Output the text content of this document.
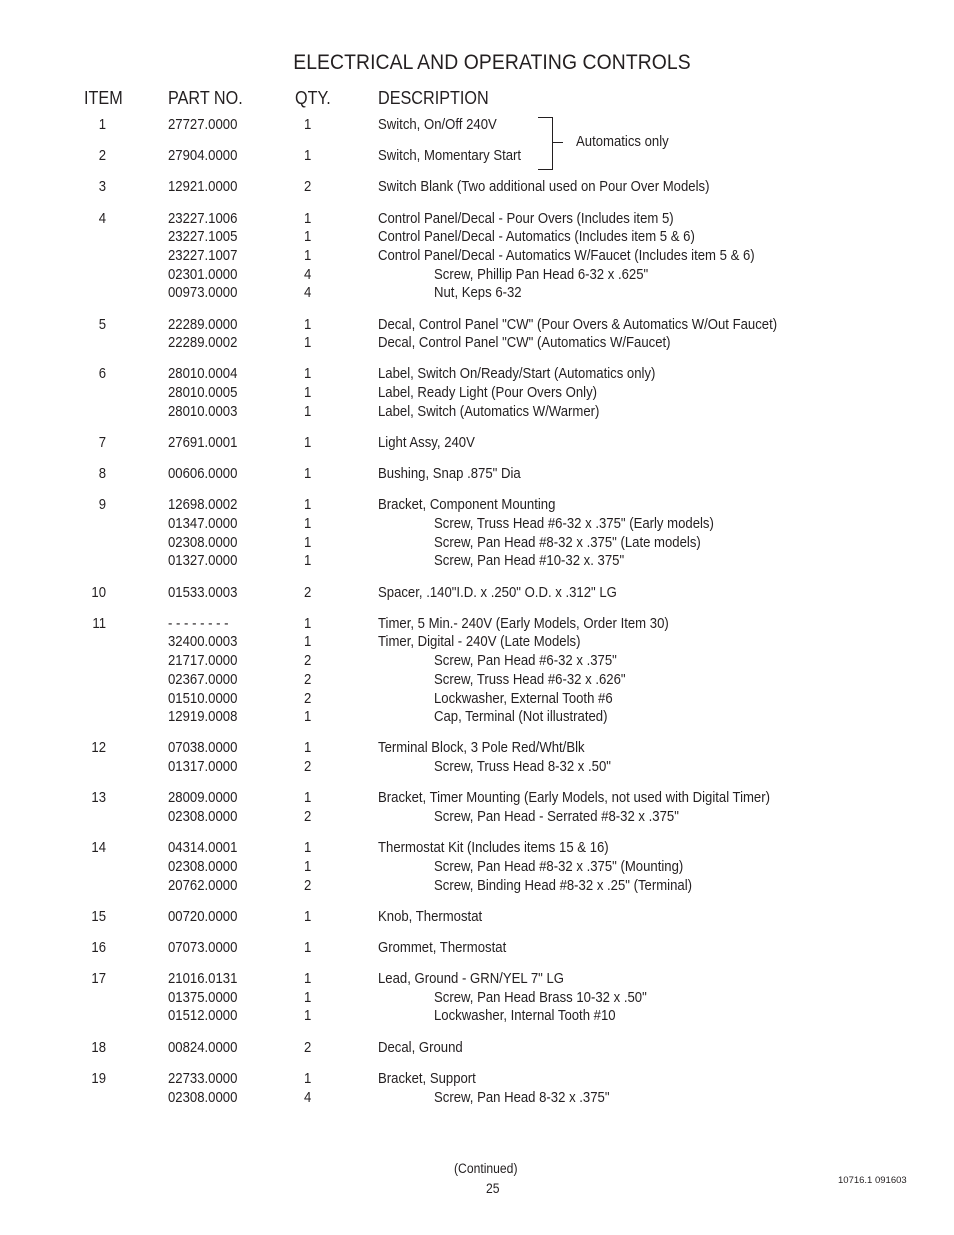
ELECTRICAL AND OPERATING CONTROLS
ITEM	PART NO.	QTY.	DESCRIPTION
1	27727.0000	1	Switch, On/Off 240V
2	27904.0000	1	Switch, Momentary Start
3	12921.0000	2	Switch Blank (Two additional used on Pour Over Models)
4	23227.1006	1	Control Panel/Decal - Pour Overs (Includes item 5)
23227.1005	1	Control Panel/Decal - Automatics (Includes item 5 & 6)
23227.1007	1	Control Panel/Decal - Automatics W/Faucet (Includes item 5 & 6)
02301.0000	4	Screw, Phillip Pan Head 6-32 x .625"
00973.0000	4	Nut, Keps 6-32
5	22289.0000	1	Decal, Control Panel "CW" (Pour Overs & Automatics W/Out Faucet)
22289.0002	1	Decal, Control Panel "CW" (Automatics W/Faucet)
6	28010.0004	1	Label, Switch On/Ready/Start (Automatics only)
28010.0005	1	Label, Ready Light (Pour Overs Only)
28010.0003	1	Label, Switch (Automatics W/Warmer)
7	27691.0001	1	Light Assy, 240V
8	00606.0000	1	Bushing, Snap .875" Dia
9	12698.0002	1	Bracket, Component Mounting
01347.0000	1	Screw, Truss Head #6-32 x .375" (Early models)
02308.0000	1	Screw, Pan Head #8-32 x .375" (Late models)
01327.0000	1	Screw, Pan Head #10-32 x. 375"
10	01533.0003	2	Spacer, .140"I.D. x .250" O.D. x .312" LG
11	- - - - - - - -	1	Timer, 5 Min.- 240V (Early Models, Order Item 30)
32400.0003	1	Timer, Digital - 240V (Late Models)
21717.0000	2	Screw, Pan Head #6-32 x .375"
02367.0000	2	Screw, Truss Head #6-32 x .626"
01510.0000	2	Lockwasher, External Tooth #6
12919.0008	1	Cap, Terminal (Not illustrated)
12	07038.0000	1	Terminal Block, 3 Pole Red/Wht/Blk
01317.0000	2	Screw, Truss Head 8-32 x .50"
13	28009.0000	1	Bracket, Timer Mounting (Early Models, not used with Digital Timer)
02308.0000	2	Screw, Pan Head - Serrated #8-32 x .375"
14	04314.0001	1	Thermostat Kit (Includes items 15 & 16)
02308.0000	1	Screw, Pan Head #8-32 x .375" (Mounting)
20762.0000	2	Screw, Binding Head #8-32 x .25" (Terminal)
15	00720.0000	1	Knob, Thermostat
16	07073.0000	1	Grommet, Thermostat
17	21016.0131	1	Lead, Ground - GRN/YEL 7" LG
01375.0000	1	Screw, Pan Head Brass 10-32 x .50"
01512.0000	1	Lockwasher, Internal Tooth #10
18	00824.0000	2	Decal, Ground
19	22733.0000	1	Bracket, Support
02308.0000	4	Screw, Pan Head 8-32 x .375"
Automatics only
(Continued)
25
10716.1 091603
